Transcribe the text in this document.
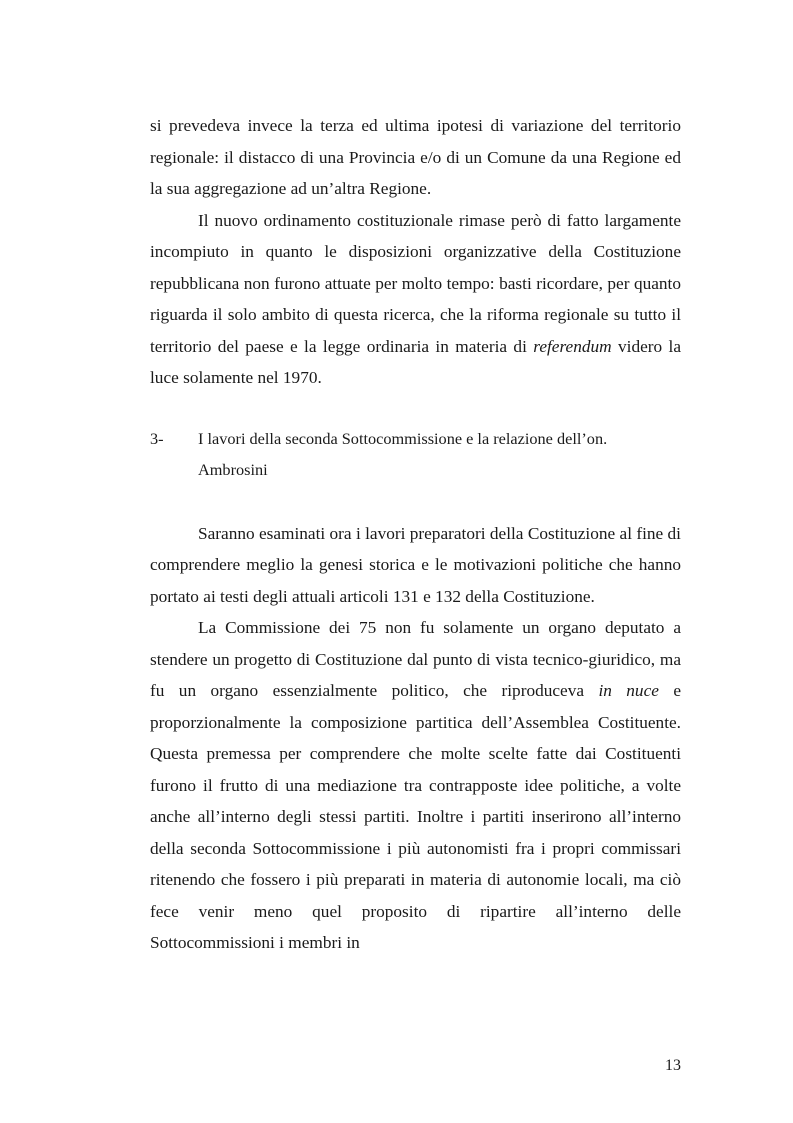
si prevedeva invece la terza ed ultima ipotesi di variazione del territorio regionale: il distacco di una Provincia e/o di un Comune da una Regione ed la sua aggregazione ad un’altra Regione.

Il nuovo ordinamento costituzionale rimase però di fatto largamente incompiuto in quanto le disposizioni organizzative della Costituzione repubblicana non furono attuate per molto tempo: basti ricordare, per quanto riguarda il solo ambito di questa ricerca, che la riforma regionale su tutto il territorio del paese e la legge ordinaria in materia di referendum videro la luce solamente nel 1970.

3- I lavori della seconda Sottocommissione e la relazione dell’on. Ambrosini

Saranno esaminati ora i lavori preparatori della Costituzione al fine di comprendere meglio la genesi storica e le motivazioni politiche che hanno portato ai testi degli attuali articoli 131 e 132 della Costituzione.

La Commissione dei 75 non fu solamente un organo deputato a stendere un progetto di Costituzione dal punto di vista tecnico-giuridico, ma fu un organo essenzialmente politico, che riproduceva in nuce e proporzionalmente la composizione partitica dell’Assemblea Costituente. Questa premessa per comprendere che molte scelte fatte dai Costituenti furono il frutto di una mediazione tra contrapposte idee politiche, a volte anche all’interno degli stessi partiti. Inoltre i partiti inserirono all’interno della seconda Sottocommissione i più autonomisti fra i propri commissari ritenendo che fossero i più preparati in materia di autonomie locali, ma ciò fece venir meno quel proposito di ripartire all’interno delle Sottocommissioni i membri in

13
